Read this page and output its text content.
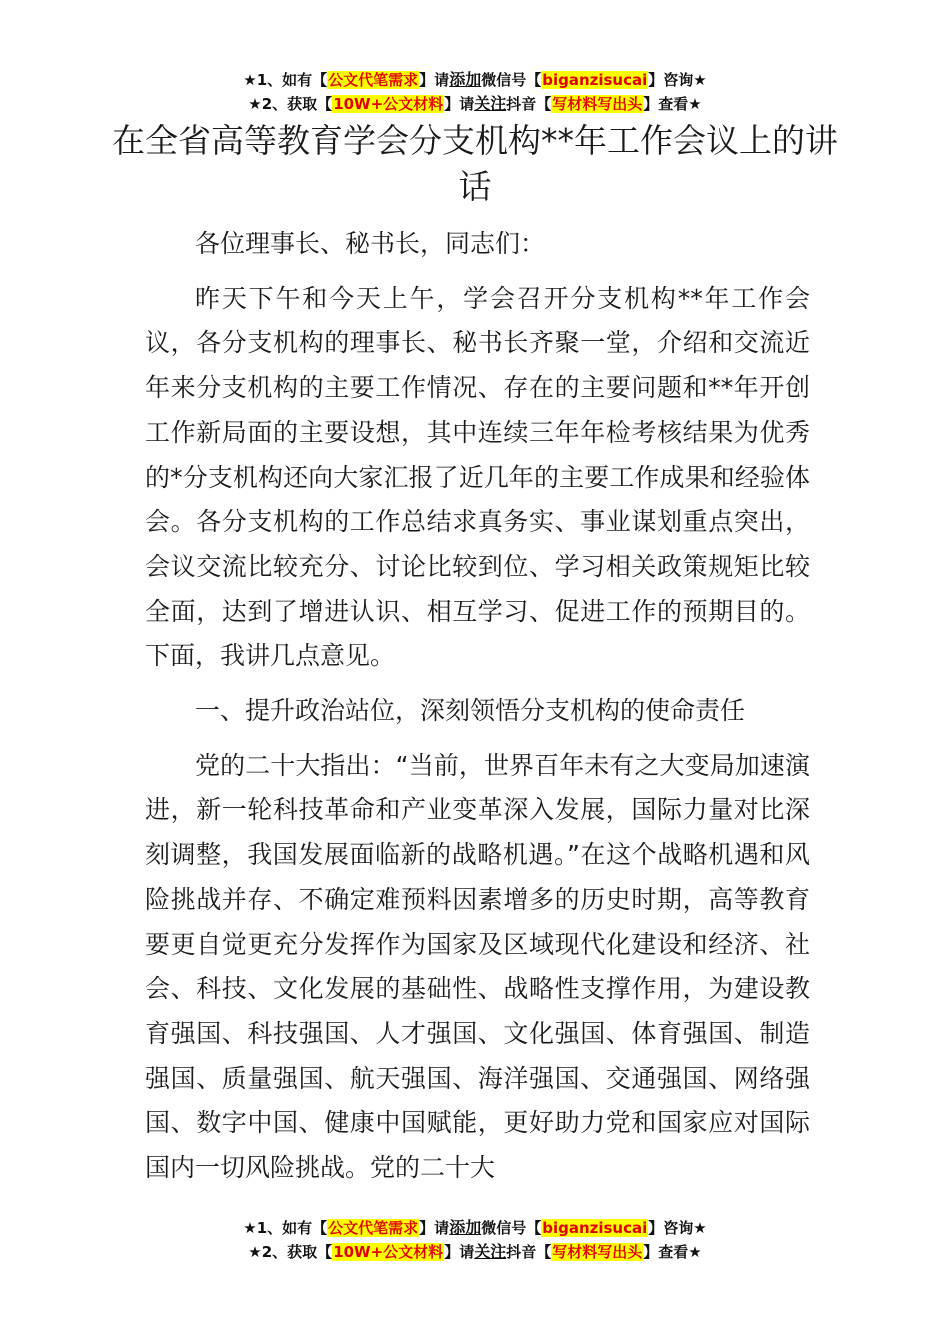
★1、如有【公文代笔需求】请添加微信号【biganzisucai】咨询★
★2、获取【10W+公文材料】请关注抖音【写材料写出头】查看★
在全省高等教育学会分支机构**年工作会议上的讲话

各位理事长、秘书长，同志们：

昨天下午和今天上午，学会召开分支机构**年工作会议，各分支机构的理事长、秘书长齐聚一堂，介绍和交流近年来分支机构的主要工作情况、存在的主要问题和**年开创工作新局面的主要设想，其中连续三年年检考核结果为优秀的*分支机构还向大家汇报了近几年的主要工作成果和经验体会。各分支机构的工作总结求真务实、事业谋划重点突出，会议交流比较充分、讨论比较到位、学习相关政策规矩比较全面，达到了增进认识、相互学习、促进工作的预期目的。下面，我讲几点意见。

一、提升政治站位，深刻领悟分支机构的使命责任

党的二十大指出：“当前，世界百年未有之大变局加速演进，新一轮科技革命和产业变革深入发展，国际力量对比深刻调整，我国发展面临新的战略机遇。”在这个战略机遇和风险挑战并存、不确定难预料因素增多的历史时期，高等教育要更自觉更充分发挥作为国家及区域现代化建设和经济、社会、科技、文化发展的基础性、战略性支撑作用，为建设教育强国、科技强国、人才强国、文化强国、体育强国、制造强国、质量强国、航天强国、海洋强国、交通强国、网络强国、数字中国、健康中国赋能，更好助力党和国家应对国际国内一切风险挑战。党的二十大

★1、如有【公文代笔需求】请添加微信号【biganzisucai】咨询★
★2、获取【10W+公文材料】请关注抖音【写材料写出头】查看★
